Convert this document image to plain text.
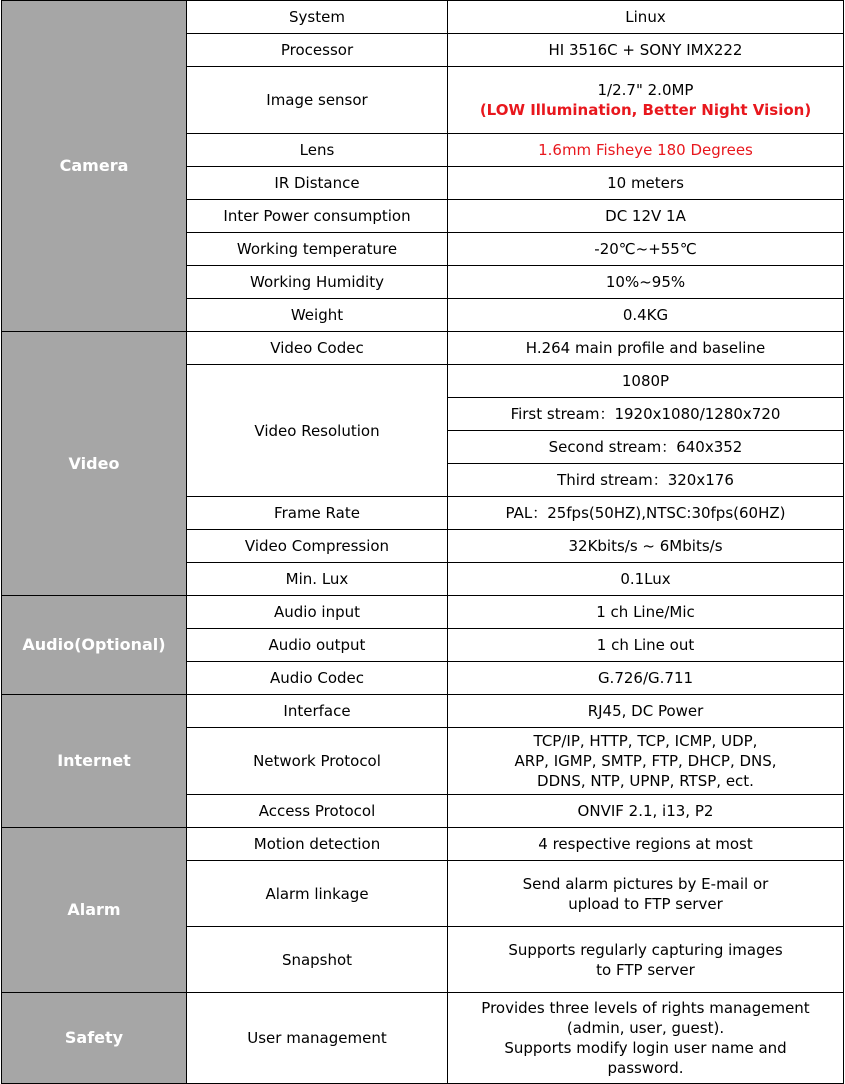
Camera	System	Linux
	Processor	HI 3516C + SONY IMX222
	Image sensor	1/2.7" 2.0MP
(LOW Illumination, Better Night Vision)

	Lens	1.6mm Fisheye 180 Degrees
	IR Distance	10 meters
	Inter Power consumption	DC 12V 1A
	Working temperature	-20℃~+55℃
	Working Humidity	10%~95%
	Weight	0.4KG
Video	Video Codec	H.264 main profile and baseline
	Video Resolution	1080P
		First stream：1920x1080/1280x720
		Second stream：640x352
		Third stream：320x176
	Frame Rate	PAL：25fps(50HZ),NTSC:30fps(60HZ)
	Video Compression	32Kbits/s ~ 6Mbits/s
	Min. Lux	0.1Lux
Audio(Optional)	Audio input	1 ch Line/Mic
	Audio output	1 ch Line out
	Audio Codec	G.726/G.711
Internet	Interface	RJ45, DC Power
	Network Protocol	TCP/IP, HTTP, TCP, ICMP, UDP,
ARP, IGMP, SMTP, FTP, DHCP, DNS,
DDNS, NTP, UPNP, RTSP, ect.

	Access Protocol	ONVIF 2.1, i13, P2
Alarm	Motion detection	4 respective regions at most
	Alarm linkage	Send alarm pictures by E-mail or
upload to FTP server

	Snapshot	Supports regularly capturing images
to FTP server

Safety	User management	Provides three levels of rights management
(admin, user, guest).
Supports modify login user name and
password.
